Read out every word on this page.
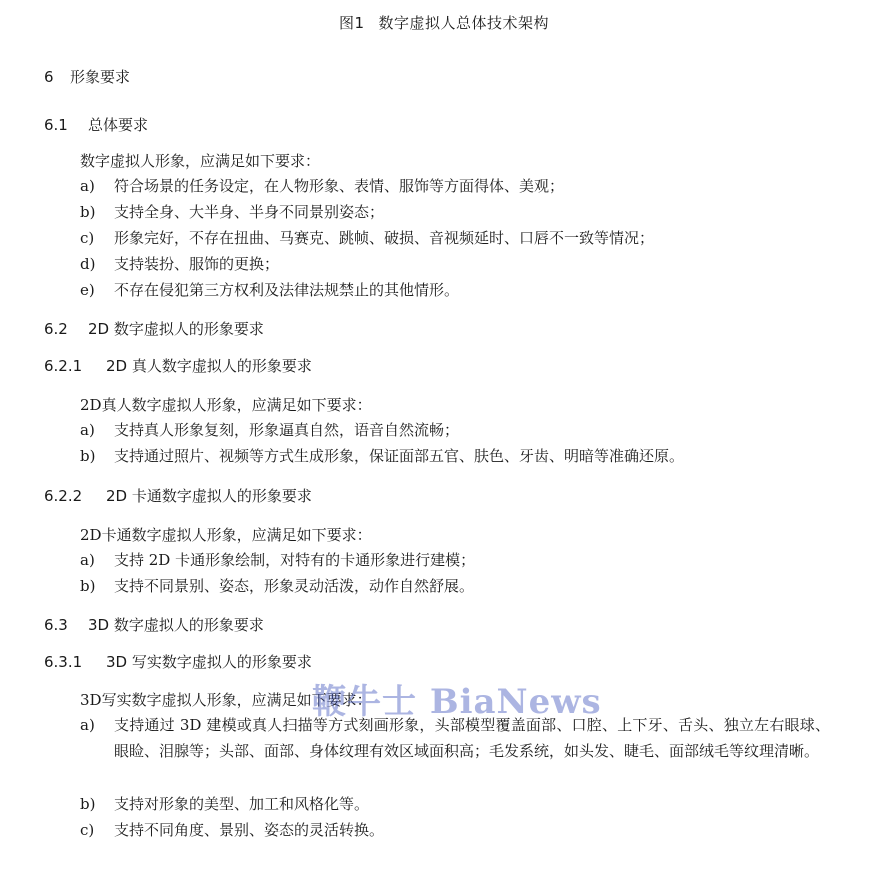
图1 数字虚拟人总体技术架构
6 形象要求
6.1 总体要求
数字虚拟人形象，应满足如下要求：
a)	符合场景的任务设定，在人物形象、表情、服饰等方面得体、美观；
b)	支持全身、大半身、半身不同景别姿态；
c)	形象完好，不存在扭曲、马赛克、跳帧、破损、音视频延时、口唇不一致等情况；
d)	支持装扮、服饰的更换；
e)	不存在侵犯第三方权利及法律法规禁止的其他情形。
6.2 2D 数字虚拟人的形象要求
6.2.1 2D 真人数字虚拟人的形象要求
2D真人数字虚拟人形象，应满足如下要求：
a)	支持真人形象复刻，形象逼真自然，语音自然流畅；
b)	支持通过照片、视频等方式生成形象，保证面部五官、肤色、牙齿、明暗等准确还原。
6.2.2 2D 卡通数字虚拟人的形象要求
2D卡通数字虚拟人形象，应满足如下要求：
a)	支持 2D 卡通形象绘制，对特有的卡通形象进行建模；
b)	支持不同景别、姿态，形象灵动活泼，动作自然舒展。
6.3 3D 数字虚拟人的形象要求
6.3.1 3D 写实数字虚拟人的形象要求
3D写实数字虚拟人形象，应满足如下要求：
a)	支持通过 3D 建模或真人扫描等方式刻画形象，头部模型覆盖面部、口腔、上下牙、舌头、独立左右眼球、眼睑、泪腺等；头部、面部、身体纹理有效区域面积高；毛发系统，如头发、睫毛、面部绒毛等纹理清晰。
b)	支持对形象的美型、加工和风格化等。
c)	支持不同角度、景别、姿态的灵活转换。
鞭牛士 BiaNews
